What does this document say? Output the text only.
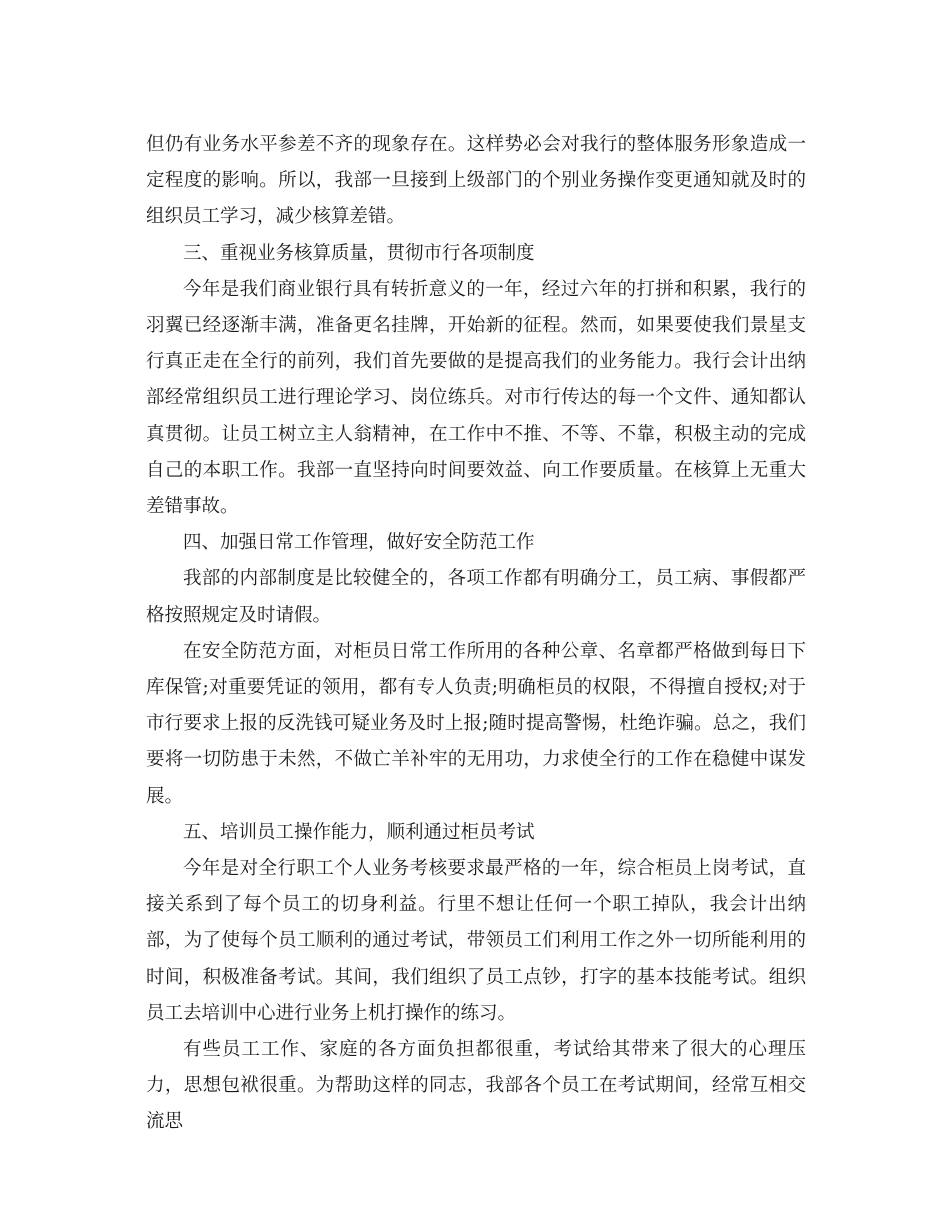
但仍有业务水平参差不齐的现象存在。这样势必会对我行的整体服务形象造成一定程度的影响。所以，我部一旦接到上级部门的个别业务操作变更通知就及时的组织员工学习，减少核算差错。

三、重视业务核算质量，贯彻市行各项制度

今年是我们商业银行具有转折意义的一年，经过六年的打拼和积累，我行的羽翼已经逐渐丰满，准备更名挂牌，开始新的征程。然而，如果要使我们景星支行真正走在全行的前列，我们首先要做的是提高我们的业务能力。我行会计出纳部经常组织员工进行理论学习、岗位练兵。对市行传达的每一个文件、通知都认真贯彻。让员工树立主人翁精神，在工作中不推、不等、不靠，积极主动的完成自己的本职工作。我部一直坚持向时间要效益、向工作要质量。在核算上无重大差错事故。

四、加强日常工作管理，做好安全防范工作

我部的内部制度是比较健全的，各项工作都有明确分工，员工病、事假都严格按照规定及时请假。

在安全防范方面，对柜员日常工作所用的各种公章、名章都严格做到每日下库保管;对重要凭证的领用，都有专人负责;明确柜员的权限，不得擅自授权;对于市行要求上报的反洗钱可疑业务及时上报;随时提高警惕，杜绝诈骗。总之，我们要将一切防患于未然，不做亡羊补牢的无用功，力求使全行的工作在稳健中谋发展。

五、培训员工操作能力，顺利通过柜员考试

今年是对全行职工个人业务考核要求最严格的一年，综合柜员上岗考试，直接关系到了每个员工的切身利益。行里不想让任何一个职工掉队，我会计出纳部，为了使每个员工顺利的通过考试，带领员工们利用工作之外一切所能利用的时间，积极准备考试。其间，我们组织了员工点钞，打字的基本技能考试。组织员工去培训中心进行业务上机打操作的练习。

有些员工工作、家庭的各方面负担都很重，考试给其带来了很大的心理压力，思想包袱很重。为帮助这样的同志，我部各个员工在考试期间，经常互相交流思
